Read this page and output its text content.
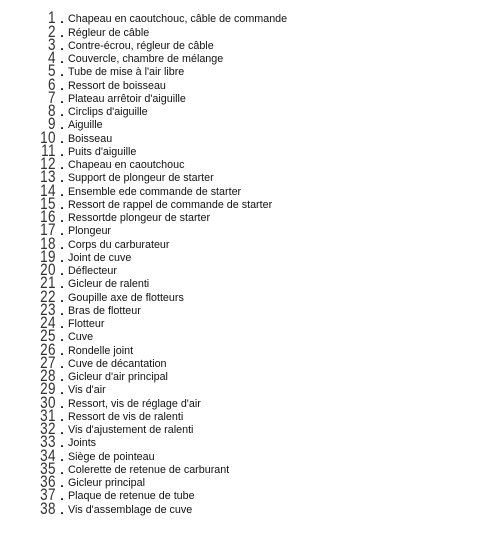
1 . Chapeau en caoutchouc, câble de commande
2 . Régleur de câble
3 . Contre-écrou, régleur de câble
4 . Couvercle, chambre de mélange
5 . Tube de mise à l'air libre
6 . Ressort de boisseau
7 . Plateau arrêtoir d'aiguille
8 . Circlips d'aiguille
9 . Aiguille
10 . Boisseau
11 . Puits d'aiguille
12 . Chapeau en caoutchouc
13 . Support de plongeur de starter
14 . Ensemble ede commande de starter
15 . Ressort de rappel de commande de starter
16 . Ressortde plongeur de starter
17 . Plongeur
18 . Corps du carburateur
19 . Joint de cuve
20 . Déflecteur
21 . Gicleur de ralenti
22 . Goupille axe de flotteurs
23 . Bras de flotteur
24 . Flotteur
25 . Cuve
26 . Rondelle joint
27 . Cuve de décantation
28 . Gicleur d'air principal
29 . Vis d'air
30 . Ressort, vis de réglage d'air
31 . Ressort de vis de ralenti
32 . Vis d'ajustement de ralenti
33 . Joints
34 . Siège de pointeau
35 . Colerette de retenue de carburant
36 . Gicleur principal
37 . Plaque de retenue de tube
38 . Vis d'assemblage de cuve
